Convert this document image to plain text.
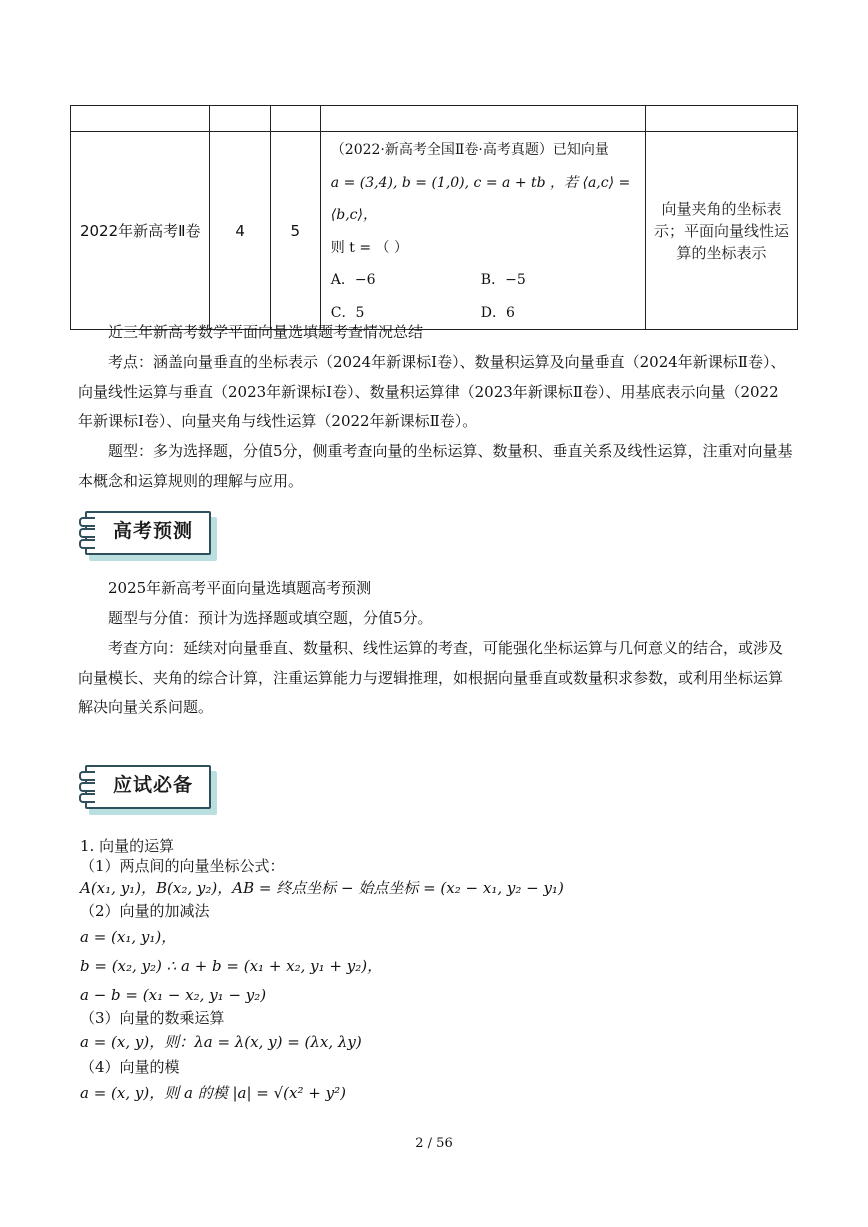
2022年新高考Ⅱ卷	4	5	（2022·新高考全国Ⅱ卷·高考真题）已知向量
a = (3,4), b = (1,0), c = a + tb ，若 ⟨a,c⟩ = ⟨b,c⟩，
则 t = （ ）
A．−6 B．−5
C．5 D．6	向量夹角的坐标表示；平面向量线性运算的坐标表示

近三年新高考数学平面向量选填题考查情况总结

考点：涵盖向量垂直的坐标表示（2024年新课标Ⅰ卷）、数量积运算及向量垂直（2024年新课标Ⅱ卷）、向量线性运算与垂直（2023年新课标Ⅰ卷）、数量积运算律（2023年新课标Ⅱ卷）、用基底表示向量（2022年新课标Ⅰ卷）、向量夹角与线性运算（2022年新课标Ⅱ卷）。

题型：多为选择题，分值5分，侧重考查向量的坐标运算、数量积、垂直关系及线性运算，注重对向量基本概念和运算规则的理解与应用。

高考预测

2025年新高考平面向量选填题高考预测

题型与分值：预计为选择题或填空题，分值5分。

考查方向：延续对向量垂直、数量积、线性运算的考查，可能强化坐标运算与几何意义的结合，或涉及向量模长、夹角的综合计算，注重运算能力与逻辑推理，如根据向量垂直或数量积求参数，或利用坐标运算解决向量关系问题。

应试必备
1. 向量的运算
（1）两点间的向量坐标公式：
A(x₁, y₁)，B(x₂, y₂)，AB = 终点坐标 − 始点坐标 = (x₂ − x₁, y₂ − y₁)
（2）向量的加减法
a = (x₁, y₁)，
b = (x₂, y₂) ∴ a + b = (x₁ + x₂, y₁ + y₂)，
a − b = (x₁ − x₂, y₁ − y₂)
（3）向量的数乘运算
a = (x, y)，则：λa = λ(x, y) = (λx, λy)
（4）向量的模
a = (x, y)，则 a 的模 |a| = √(x² + y²)
2 / 56
